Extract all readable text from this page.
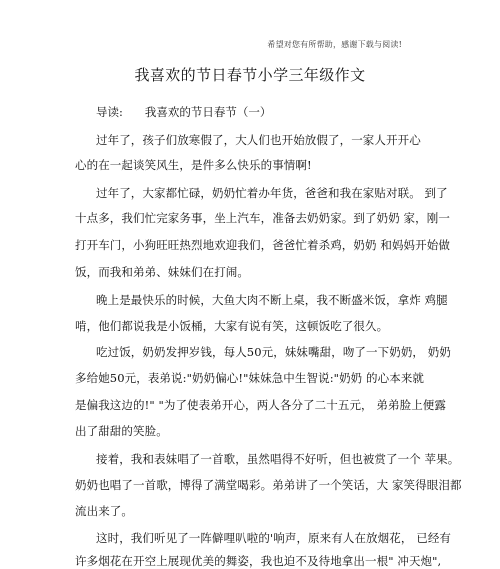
希望对您有所帮助，感谢下载与阅读!
我喜欢的节日春节小学三年级作文
导读: 我喜欢的节日春节（一）
过年了，孩子们放寒假了，大人们也开始放假了，一家人开开心
心的在一起谈笑风生，是件多么快乐的事情啊!
过年了，大家都忙碌，奶奶忙着办年货，爸爸和我在家贴对联。 到了
十点多，我们忙完家务事，坐上汽车，准备去奶奶家。到了奶奶 家，刚一
打开车门，小狗旺旺热烈地欢迎我们，爸爸忙着杀鸡，奶奶 和妈妈开始做
饭，而我和弟弟、妹妹们在打闹。
晚上是最快乐的时候，大鱼大肉不断上桌，我不断盛米饭，拿炸 鸡腿
啃，他们都说我是小饭桶，大家有说有笑，这顿饭吃了很久。
吃过饭，奶奶发押岁钱，每人50元，妹妹嘴甜，吻了一下奶奶， 奶奶
多给她50元，表弟说:"奶奶偏心!"妹妹急中生智说:"奶奶 的心本来就
是偏我这边的!" "为了使表弟开心，两人各分了二十五元， 弟弟脸上便露
出了甜甜的笑脸。
接着，我和表妹唱了一首歌，虽然唱得不好听，但也被赏了一个 苹果。
奶奶也唱了一首歌，博得了满堂喝彩。弟弟讲了一个笑话，大 家笑得眼泪都
流出来了。
这时，我们听见了一阵僻哩叭啦的'响声，原来有人在放烟花， 已经有
许多烟花在开空上展现优美的舞姿，我也迫不及待地拿出一根" 冲天炮",
